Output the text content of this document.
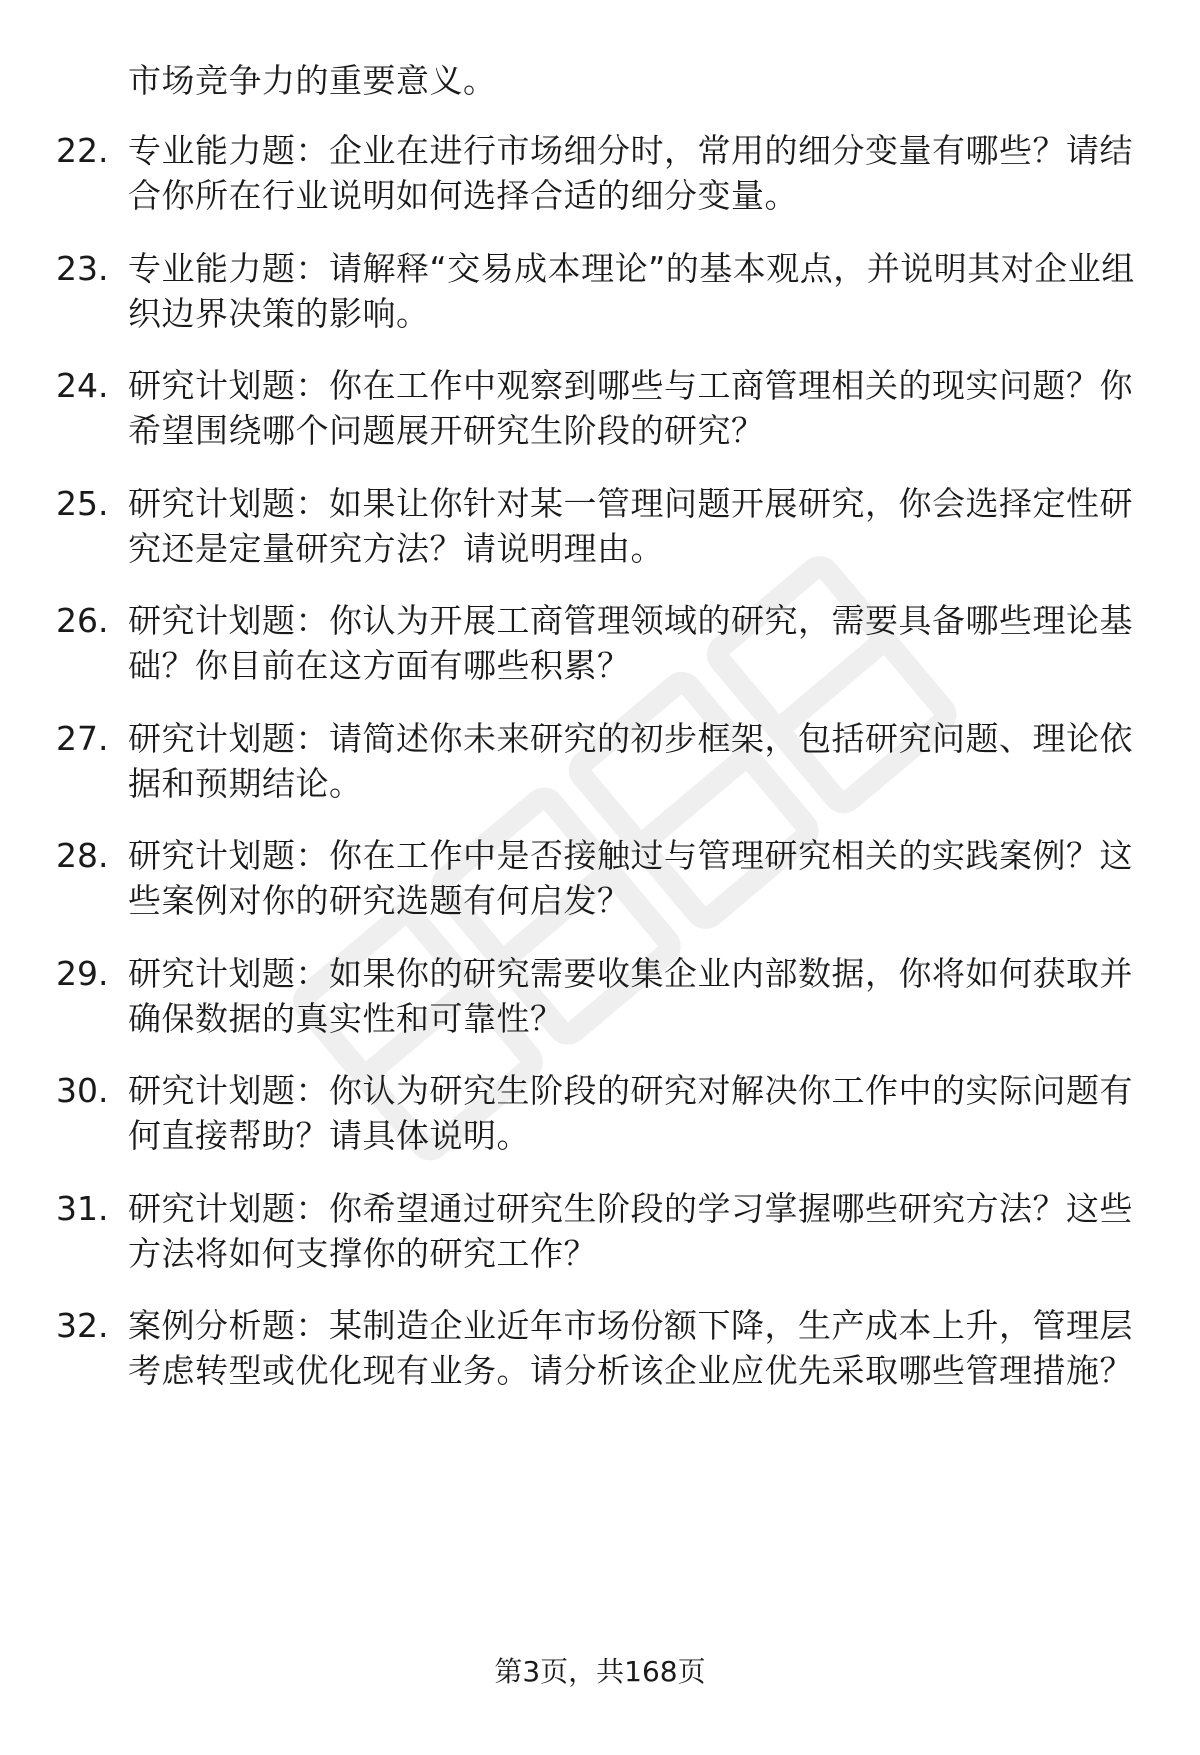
市场竞争力的重要意义。
22. 专业能力题：企业在进行市场细分时，常用的细分变量有哪些？请结合你所在行业说明如何选择合适的细分变量。
23. 专业能力题：请解释“交易成本理论”的基本观点，并说明其对企业组织边界决策的影响。
24. 研究计划题：你在工作中观察到哪些与工商管理相关的现实问题？你希望围绕哪个问题展开研究生阶段的研究？
25. 研究计划题：如果让你针对某一管理问题开展研究，你会选择定性研究还是定量研究方法？请说明理由。
26. 研究计划题：你认为开展工商管理领域的研究，需要具备哪些理论基础？你目前在这方面有哪些积累？
27. 研究计划题：请简述你未来研究的初步框架，包括研究问题、理论依据和预期结论。
28. 研究计划题：你在工作中是否接触过与管理研究相关的实践案例？这些案例对你的研究选题有何启发？
29. 研究计划题：如果你的研究需要收集企业内部数据，你将如何获取并确保数据的真实性和可靠性？
30. 研究计划题：你认为研究生阶段的研究对解决你工作中的实际问题有何直接帮助？请具体说明。
31. 研究计划题：你希望通过研究生阶段的学习掌握哪些研究方法？这些方法将如何支撑你的研究工作？
32. 案例分析题：某制造企业近年市场份额下降，生产成本上升，管理层考虑转型或优化现有业务。请分析该企业应优先采取哪些管理措施？
第3页，共168页
